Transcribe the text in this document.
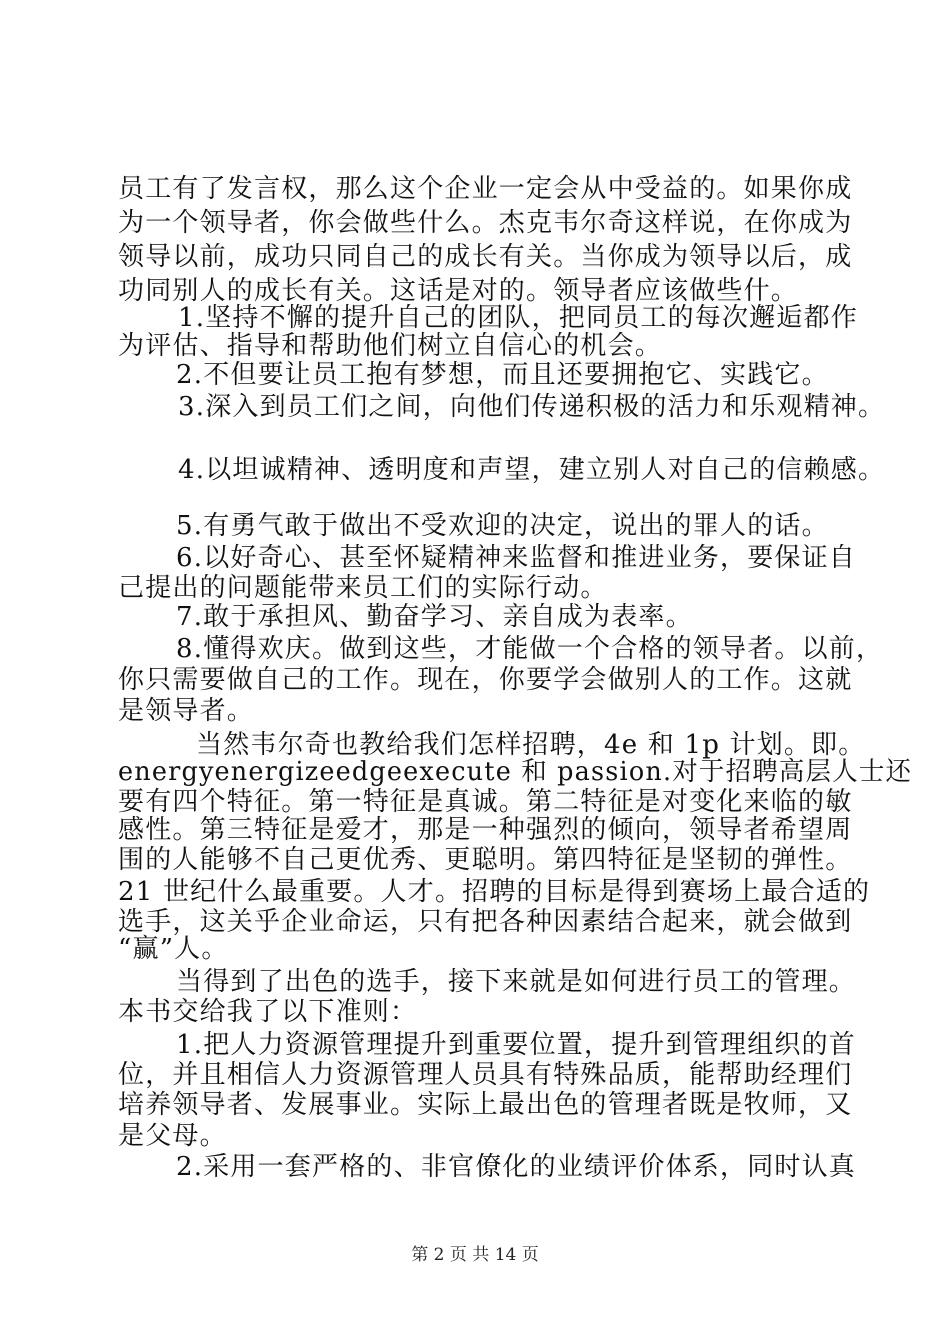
员工有了发言权，那么这个企业一定会从中受益的。如果你成
为一个领导者，你会做些什么。杰克韦尔奇这样说，在你成为
领导以前，成功只同自己的成长有关。当你成为领导以后，成
功同别人的成长有关。这话是对的。领导者应该做些什。
1.坚持不懈的提升自己的团队，把同员工的每次邂逅都作
为评估、指导和帮助他们树立自信心的机会。
2.不但要让员工抱有梦想，而且还要拥抱它、实践它。
3.深入到员工们之间，向他们传递积极的活力和乐观精神。
4.以坦诚精神、透明度和声望，建立别人对自己的信赖感。
5.有勇气敢于做出不受欢迎的决定，说出的罪人的话。
6.以好奇心、甚至怀疑精神来监督和推进业务，要保证自
己提出的问题能带来员工们的实际行动。
7.敢于承担风、勤奋学习、亲自成为表率。
8.懂得欢庆。做到这些，才能做一个合格的领导者。以前，
你只需要做自己的工作。现在，你要学会做别人的工作。这就
是领导者。
当然韦尔奇也教给我们怎样招聘，4e 和 1p 计划。即。
energyenergizeedgeexecute 和 passion.对于招聘高层人士还
要有四个特征。第一特征是真诚。第二特征是对变化来临的敏
感性。第三特征是爱才，那是一种强烈的倾向，领导者希望周
围的人能够不自己更优秀、更聪明。第四特征是坚韧的弹性。
21 世纪什么最重要。人才。招聘的目标是得到赛场上最合适的
选手，这关乎企业命运，只有把各种因素结合起来，就会做到
“赢”人。
当得到了出色的选手，接下来就是如何进行员工的管理。
本书交给我了以下准则：
1.把人力资源管理提升到重要位置，提升到管理组织的首
位，并且相信人力资源管理人员具有特殊品质，能帮助经理们
培养领导者、发展事业。实际上最出色的管理者既是牧师，又
是父母。
2.采用一套严格的、非官僚化的业绩评价体系，同时认真
第 2 页 共 14 页
